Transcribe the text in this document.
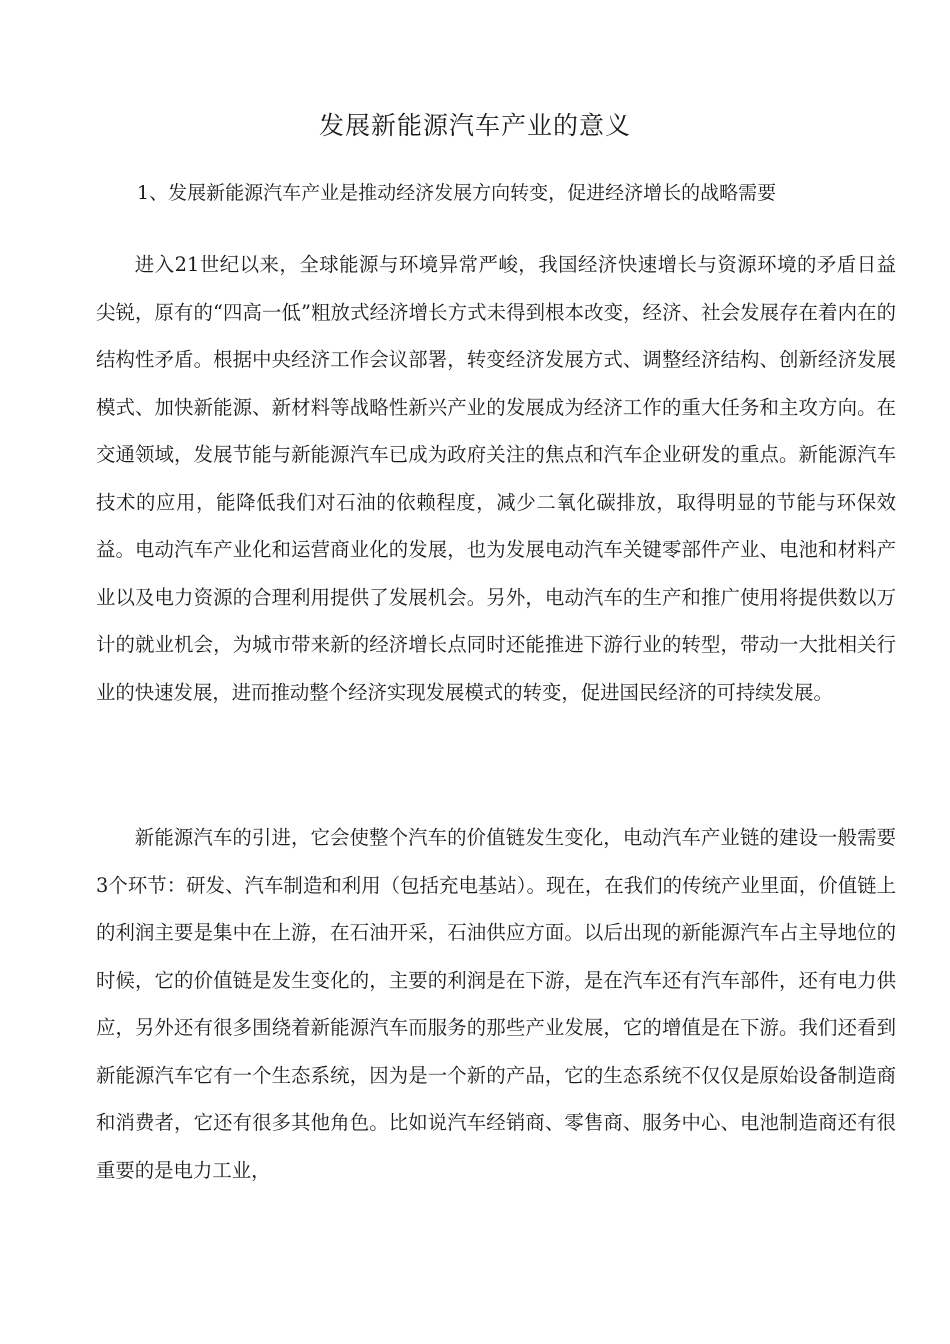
发展新能源汽车产业的意义

1、发展新能源汽车产业是推动经济发展方向转变，促进经济增长的战略需要

进入21世纪以来，全球能源与环境异常严峻，我国经济快速增长与资源环境的矛盾日益尖锐，原有的“四高一低”粗放式经济增长方式未得到根本改变，经济、社会发展存在着内在的结构性矛盾。根据中央经济工作会议部署，转变经济发展方式、调整经济结构、创新经济发展模式、加快新能源、新材料等战略性新兴产业的发展成为经济工作的重大任务和主攻方向。在交通领域，发展节能与新能源汽车已成为政府关注的焦点和汽车企业研发的重点。新能源汽车技术的应用，能降低我们对石油的依赖程度，减少二氧化碳排放，取得明显的节能与环保效益。电动汽车产业化和运营商业化的发展，也为发展电动汽车关键零部件产业、电池和材料产业以及电力资源的合理利用提供了发展机会。另外，电动汽车的生产和推广使用将提供数以万计的就业机会，为城市带来新的经济增长点同时还能推进下游行业的转型，带动一大批相关行业的快速发展，进而推动整个经济实现发展模式的转变，促进国民经济的可持续发展。

新能源汽车的引进，它会使整个汽车的价值链发生变化，电动汽车产业链的建设一般需要3个环节：研发、汽车制造和利用（包括充电基站）。现在，在我们的传统产业里面，价值链上的利润主要是集中在上游，在石油开采，石油供应方面。以后出现的新能源汽车占主导地位的时候，它的价值链是发生变化的，主要的利润是在下游，是在汽车还有汽车部件，还有电力供应，另外还有很多围绕着新能源汽车而服务的那些产业发展，它的增值是在下游。我们还看到新能源汽车它有一个生态系统，因为是一个新的产品，它的生态系统不仅仅是原始设备制造商和消费者，它还有很多其他角色。比如说汽车经销商、零售商、服务中心、电池制造商还有很重要的是电力工业，
